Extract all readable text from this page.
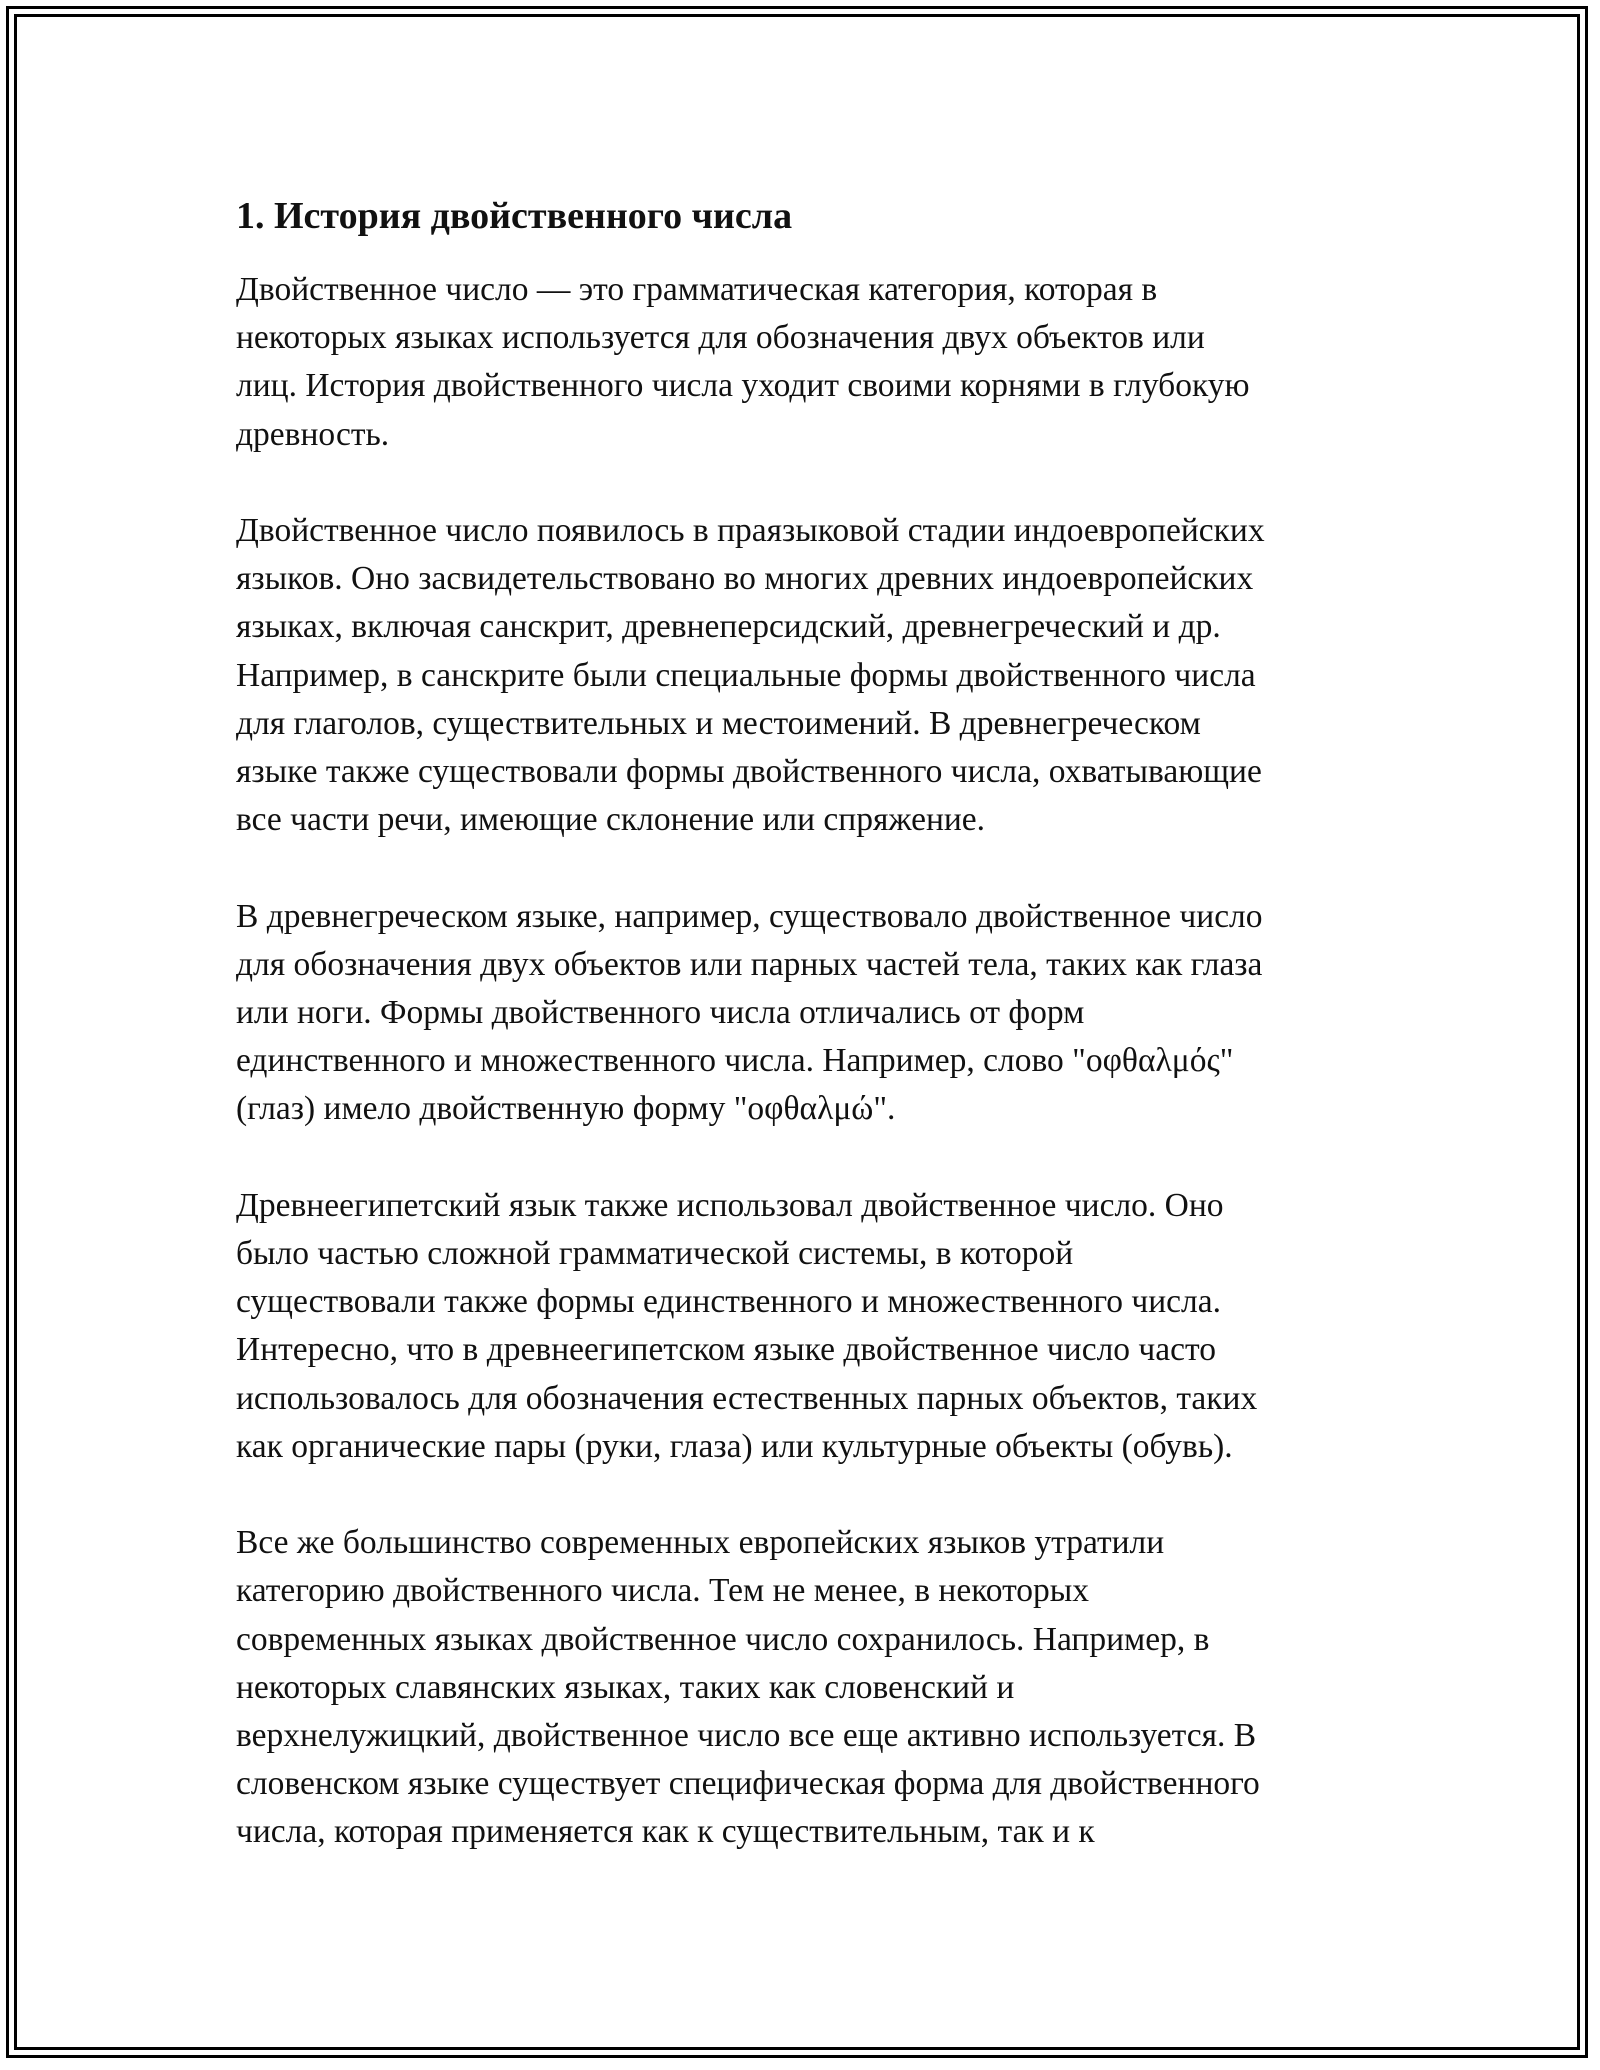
1. История двойственного числа

Двойственное число — это грамматическая категория, которая в
некоторых языках используется для обозначения двух объектов или
лиц. История двойственного числа уходит своими корнями в глубокую
древность.

Двойственное число появилось в праязыковой стадии индоевропейских
языков. Оно засвидетельствовано во многих древних индоевропейских
языках, включая санскрит, древнеперсидский, древнегреческий и др.
Например, в санскрите были специальные формы двойственного числа
для глаголов, существительных и местоимений. В древнегреческом
языке также существовали формы двойственного числа, охватывающие
все части речи, имеющие склонение или спряжение.

В древнегреческом языке, например, существовало двойственное число
для обозначения двух объектов или парных частей тела, таких как глаза
или ноги. Формы двойственного числа отличались от форм
единственного и множественного числа. Например, слово "οφθαλμός"
(глаз) имело двойственную форму "οφθαλμώ".

Древнеегипетский язык также использовал двойственное число. Оно
было частью сложной грамматической системы, в которой
существовали также формы единственного и множественного числа.
Интересно, что в древнеегипетском языке двойственное число часто
использовалось для обозначения естественных парных объектов, таких
как органические пары (руки, глаза) или культурные объекты (обувь).

Все же большинство современных европейских языков утратили
категорию двойственного числа. Тем не менее, в некоторых
современных языках двойственное число сохранилось. Например, в
некоторых славянских языках, таких как словенский и
верхнелужицкий, двойственное число все еще активно используется. В
словенском языке существует специфическая форма для двойственного
числа, которая применяется как к существительным, так и к
